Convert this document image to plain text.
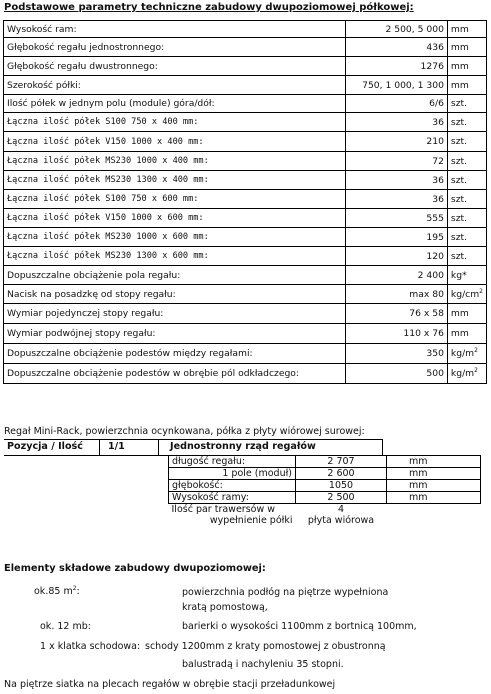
Podstawowe parametry techniczne zabudowy dwupoziomowej półkowej:
Wysokość ram:	2 500, 5 000	mm
Głębokość regału jednostronnego:	436	mm
Głębokość regału dwustronnego:	1276	mm
Szerokość półki:	750, 1 000, 1 300	mm
Ilość półek w jednym polu (module) góra/dół:	6/6	szt.
Łączna ilość półek S100 750 x 400 mm:	36	szt.
Łączna ilość półek V150 1000 x 400 mm:	210	szt.
Łączna ilość półek MS230 1000 x 400 mm:	72	szt.
Łączna ilość półek MS230 1300 x 400 mm:	36	szt.
Łączna ilość półek S100 750 x 600 mm:	36	szt.
Łączna ilość półek V150 1000 x 600 mm:	555	szt.
Łączna ilość półek MS230 1000 x 600 mm:	195	szt.
Łączna ilość półek MS230 1300 x 600 mm:	120	szt.
Dopuszczalne obciążenie pola regału:	2 400	kg*
Nacisk na posadzkę od stopy regału:	max 80	$kg/cm^2$
Wymiar pojedynczej stopy regału:	76 x 58	mm
Wymiar podwójnej stopy regału:	110 x 76	mm
Dopuszczalne obciążenie podestów między regałami:	350	$kg/m^2$
Dopuszczalne obciążenie podestów w obrębie pól odkładczego:	500	$kg/m^2$
Regał Mini-Rack, powierzchnia ocynkowana, półka z płyty wiórowej surowej:
Pozycja / Ilość	1/1	Jednostronny rząd regałów
długość regału:	2 707	mm
1 pole (moduł)	2 600	mm
głębokość:	1050	mm
Wysokość ramy:	2 500	mm
Ilość par trawersów w	4	
wypełnienie półki	płyta wiórowa	
Elementy składowe zabudowy dwupoziomowej:
ok.85 $m^2$:	powierzchnia podłóg na piętrze wypełniona
kratą pomostową,
ok. 12 mb:	barierki o wysokości 1100mm z bortnicą 100mm,
1 x klatka schodowa: schody 1200mm z kraty pomostowej z obustronną
balustradą i nachyleniu 35 stopni.
Na piętrze siatka na plecach regałów w obrębie stacji przeładunkowej
